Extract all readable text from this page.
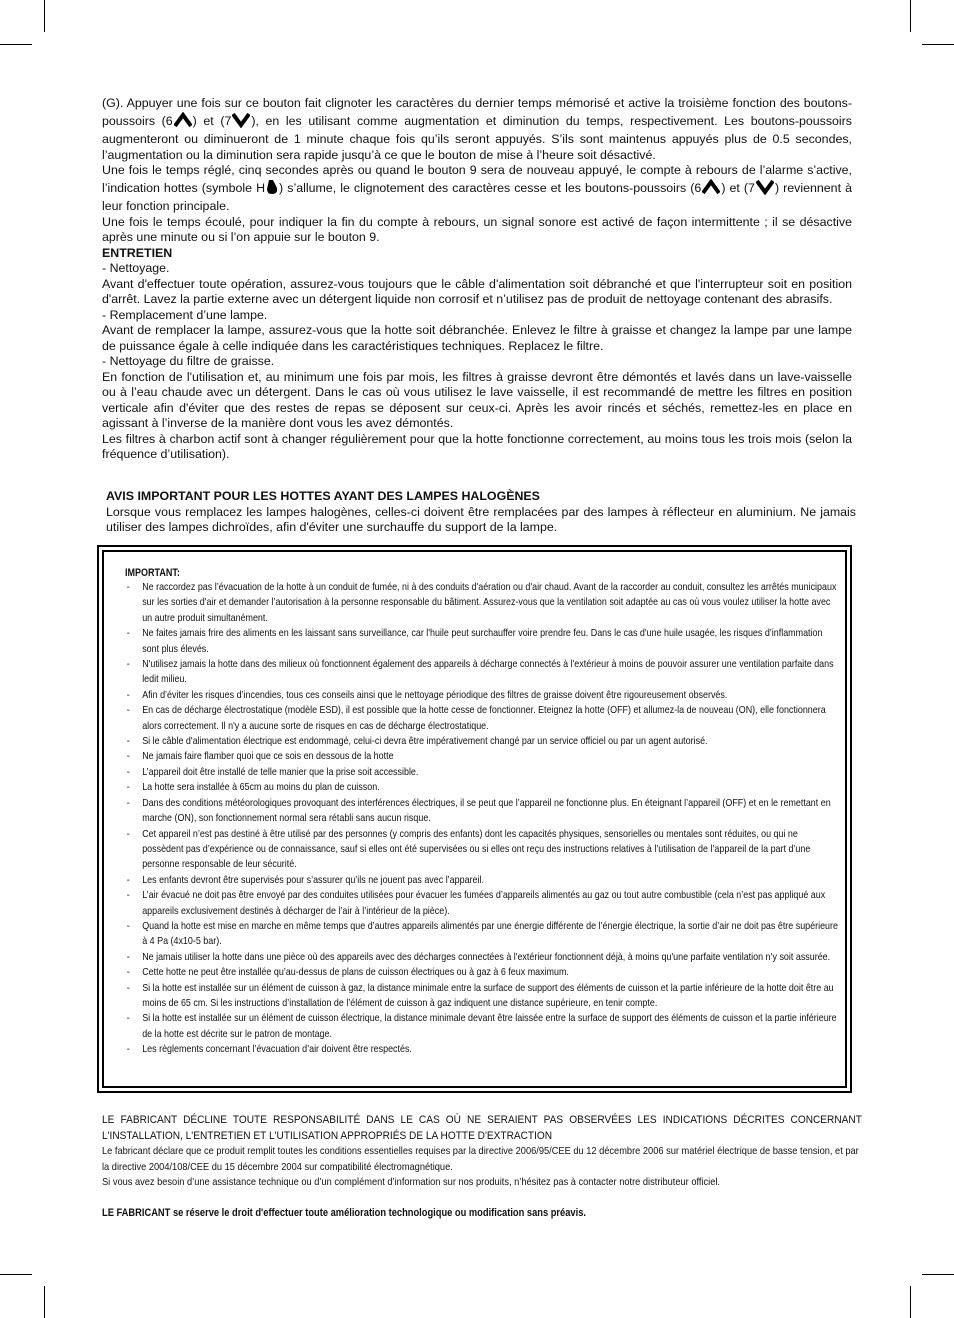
(G). Appuyer une fois sur ce bouton fait clignoter les caractères du dernier temps mémorisé et active la troisième fonction des boutons-poussoirs (6 ) et (7 ), en les utilisant comme augmentation et diminution du temps, respectivement. Les boutons-poussoirs augmenteront ou diminueront de 1 minute chaque fois qu’ils seront appuyés. S’ils sont maintenus appuyés plus de 0.5 secondes, l’augmentation ou la diminution sera rapide jusqu’à ce que le bouton de mise à l’heure soit désactivé.

Une fois le temps réglé, cinq secondes après ou quand le bouton 9 sera de nouveau appuyé, le compte à rebours de l’alarme s’active, l’indication hottes (symbole H ) s’allume, le clignotement des caractères cesse et les boutons-poussoirs (6 ) et (7 ) reviennent à leur fonction principale.

Une fois le temps écoulé, pour indiquer la fin du compte à rebours, un signal sonore est activé de façon intermittente ; il se désactive après une minute ou si l’on appuie sur le bouton 9.

ENTRETIEN

- Nettoyage.

Avant d'effectuer toute opération, assurez-vous toujours que le câble d'alimentation soit débranché et que l'interrupteur soit en position d'arrêt. Lavez la partie externe avec un détergent liquide non corrosif et n’utilisez pas de produit de nettoyage contenant des abrasifs.

- Remplacement d’une lampe.

Avant de remplacer la lampe, assurez-vous que la hotte soit débranchée. Enlevez le filtre à graisse et changez la lampe par une lampe de puissance égale à celle indiquée dans les caractéristiques techniques. Replacez le filtre.

- Nettoyage du filtre de graisse.

En fonction de l'utilisation et, au minimum une fois par mois, les filtres à graisse devront être démontés et lavés dans un lave-vaisselle ou à l’eau chaude avec un détergent. Dans le cas où vous utilisez le lave vaisselle, il est recommandé de mettre les filtres en position verticale afin d'éviter que des restes de repas se déposent sur ceux-ci. Après les avoir rincés et séchés, remettez-les en place en agissant à l’inverse de la manière dont vous les avez démontés.

Les filtres à charbon actif sont à changer régulièrement pour que la hotte fonctionne correctement, au moins tous les trois mois (selon la fréquence d’utilisation).

AVIS IMPORTANT POUR LES HOTTES AYANT DES LAMPES HALOGÈNES

Lorsque vous remplacez les lampes halogènes, celles-ci doivent être remplacées par des lampes à réflecteur en aluminium. Ne jamais utiliser des lampes dichroïdes, afin d'éviter une surchauffe du support de la lampe.

IMPORTANT:
- Ne raccordez pas l’évacuation de la hotte à un conduit de fumée, ni à des conduits d'aération ou d'air chaud. Avant de la raccorder au conduit, consultez les arrêtés municipaux sur les sorties d'air et demander l’autorisation à la personne responsable du bâtiment. Assurez-vous que la ventilation soit adaptée au cas où vous voulez utiliser la hotte avec un autre produit simultanément.
- Ne faites jamais frire des aliments en les laissant sans surveillance, car l'huile peut surchauffer voire prendre feu. Dans le cas d'une huile usagée, les risques d’inflammation sont plus élevés.
- N'utilisez jamais la hotte dans des milieux où fonctionnent également des appareils à décharge connectés à l'extérieur à moins de pouvoir assurer une ventilation parfaite dans ledit milieu.
- Afin d’éviter les risques d’incendies, tous ces conseils ainsi que le nettoyage périodique des filtres de graisse doivent être rigoureusement observés.
- En cas de décharge électrostatique (modèle ESD), il est possible que la hotte cesse de fonctionner. Eteignez la hotte (OFF) et allumez-la de nouveau (ON), elle fonctionnera alors correctement. Il n'y a aucune sorte de risques en cas de décharge électrostatique.
- Si le câble d'alimentation électrique est endommagé, celui-ci devra être impérativement changé par un service officiel ou par un agent autorisé.
- Ne jamais faire flamber quoi que ce sois en dessous de la hotte
- L’appareil doit être installé de telle manier que la prise soit accessible.
- La hotte sera installée à 65cm au moins du plan de cuisson.
- Dans des conditions météorologiques provoquant des interférences électriques, il se peut que l’appareil ne fonctionne plus. En éteignant l’appareil (OFF) et en le remettant en marche (ON), son fonctionnement normal sera rétabli sans aucun risque.
- Cet appareil n’est pas destiné à être utilisé par des personnes (y compris des enfants) dont les capacités physiques, sensorielles ou mentales sont réduites, ou qui ne possèdent pas d’expérience ou de connaissance, sauf si elles ont été supervisées ou si elles ont reçu des instructions relatives à l’utilisation de l’appareil de la part d’une personne responsable de leur sécurité.
- Les enfants devront être supervisés pour s’assurer qu’ils ne jouent pas avec l’appareil.
- L’air évacué ne doit pas être envoyé par des conduites utilisées pour évacuer les fumées d’appareils alimentés au gaz ou tout autre combustible (cela n’est pas appliqué aux appareils exclusivement destinés à décharger de l’air à l’intérieur de la pièce).
- Quand la hotte est mise en marche en même temps que d’autres appareils alimentés par une énergie différente de l’énergie électrique, la sortie d’air ne doit pas être supérieure à 4 Pa (4x10-5 bar).
- Ne jamais utiliser la hotte dans une pièce où des appareils avec des décharges connectées à l'extérieur fonctionnent déjà, à moins qu'une parfaite ventilation n’y soit assurée.
- Cette hotte ne peut être installée qu’au-dessus de plans de cuisson électriques ou à gaz à 6 feux maximum.
- Si la hotte est installée sur un élément de cuisson à gaz, la distance minimale entre la surface de support des éléments de cuisson et la partie inférieure de la hotte doit être au moins de 65 cm. Si les instructions d’installation de l’élément de cuisson à gaz indiquent une distance supérieure, en tenir compte.
- Si la hotte est installée sur un élément de cuisson électrique, la distance minimale devant être laissée entre la surface de support des éléments de cuisson et la partie inférieure de la hotte est décrite sur le patron de montage.
- Les règlements concernant l’évacuation d’air doivent être respectés.
LE FABRICANT DÉCLINE TOUTE RESPONSABILITÉ DANS LE CAS OÙ NE SERAIENT PAS OBSERVÉES LES INDICATIONS DÉCRITES CONCERNANT L'INSTALLATION, L'ENTRETIEN ET L'UTILISATION APPROPRIÉS DE LA HOTTE D'EXTRACTION
Le fabricant déclare que ce produit remplit toutes les conditions essentielles requises par la directive 2006/95/CEE du 12 décembre 2006 sur matériel électrique de basse tension, et par la directive 2004/108/CEE du 15 décembre 2004 sur compatibilité électromagnétique.
Si vous avez besoin d’une assistance technique ou d’un complément d’information sur nos produits, n’hésitez pas à contacter notre distributeur officiel.
LE FABRICANT se réserve le droit d'effectuer toute amélioration technologique ou modification sans préavis.
